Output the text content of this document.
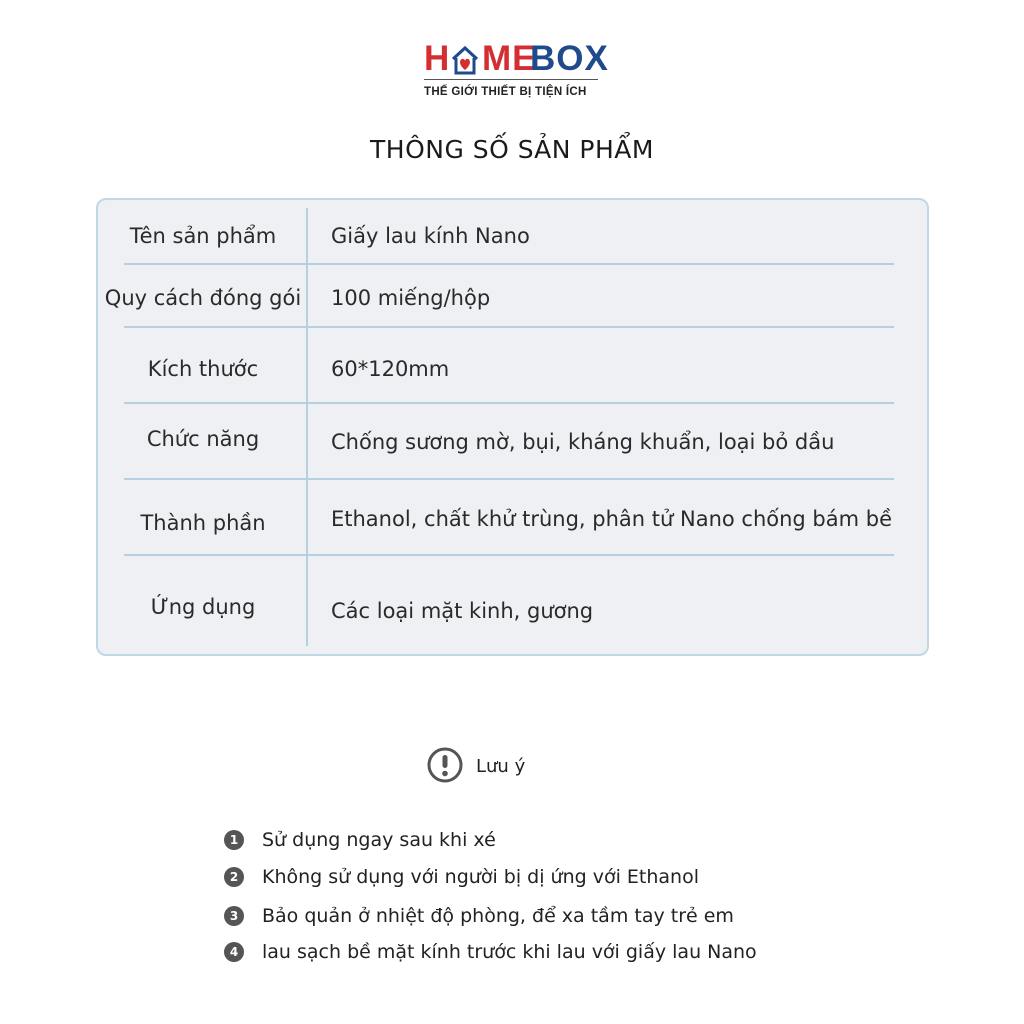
H ME
BOX
THẾ GIỚI THIẾT BỊ TIỆN ÍCH
THÔNG SỐ SẢN PHẨM
Tên sản phẩm	Giấy lau kính Nano
Quy cách đóng gói	100 miếng/hộp
Kích thước	60*120mm
Chức năng	Chống sương mờ, bụi, kháng khuẩn, loại bỏ dầu
Thành phần	Ethanol, chất khử trùng, phân tử Nano chống bám bề
Ứng dụng	Các loại mặt kinh, gương
Lưu ý
1	Sử dụng ngay sau khi xé
2	Không sử dụng với người bị dị ứng với Ethanol
3	Bảo quản ở nhiệt độ phòng, để xa tầm tay trẻ em
4	lau sạch bề mặt kính trước khi lau với giấy lau Nano
